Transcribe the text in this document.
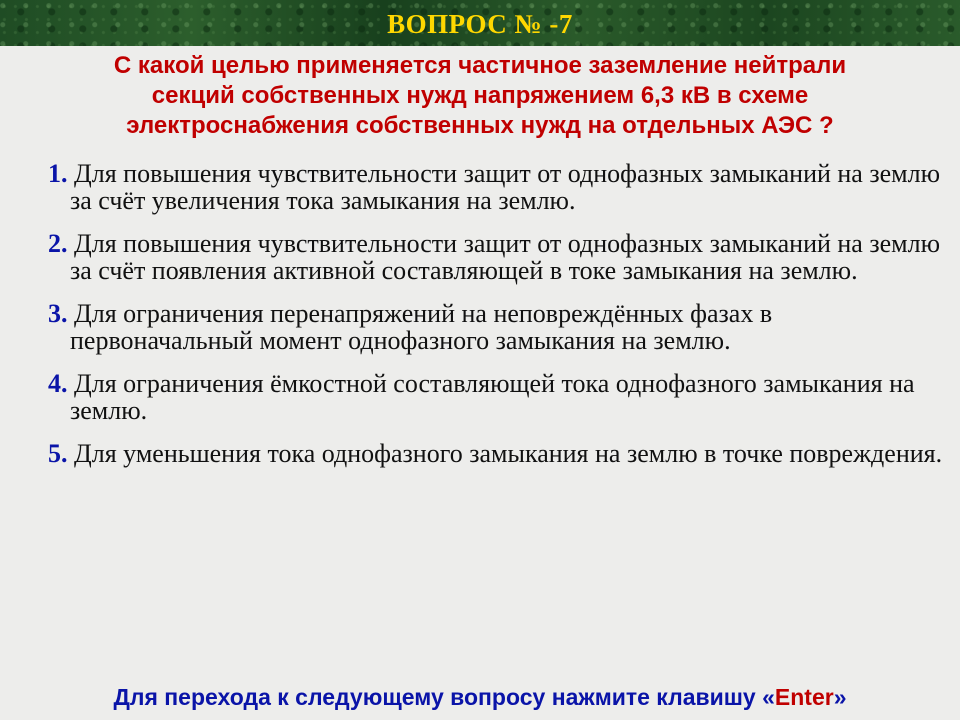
ВОПРОС № -7

С какой целью применяется частичное заземление нейтрали
секций собственных нужд напряжением 6,3 кВ в схеме
электроснабжения собственных нужд на отдельных АЭС ?

1. Для повышения чувствительности защит от однофазных замыканий на землю за счёт увеличения тока замыкания на землю.
2. Для повышения чувствительности защит от однофазных замыканий на землю за счёт появления активной составляющей в токе замыкания на землю.
3. Для ограничения перенапряжений на неповреждённых фазах в первоначальный момент однофазного замыкания на землю.
4. Для ограничения ёмкостной составляющей тока однофазного замыкания на землю.
5. Для уменьшения тока однофазного замыкания на землю в точке повреждения.

Для перехода к следующему вопросу нажмите клавишу «Enter»
